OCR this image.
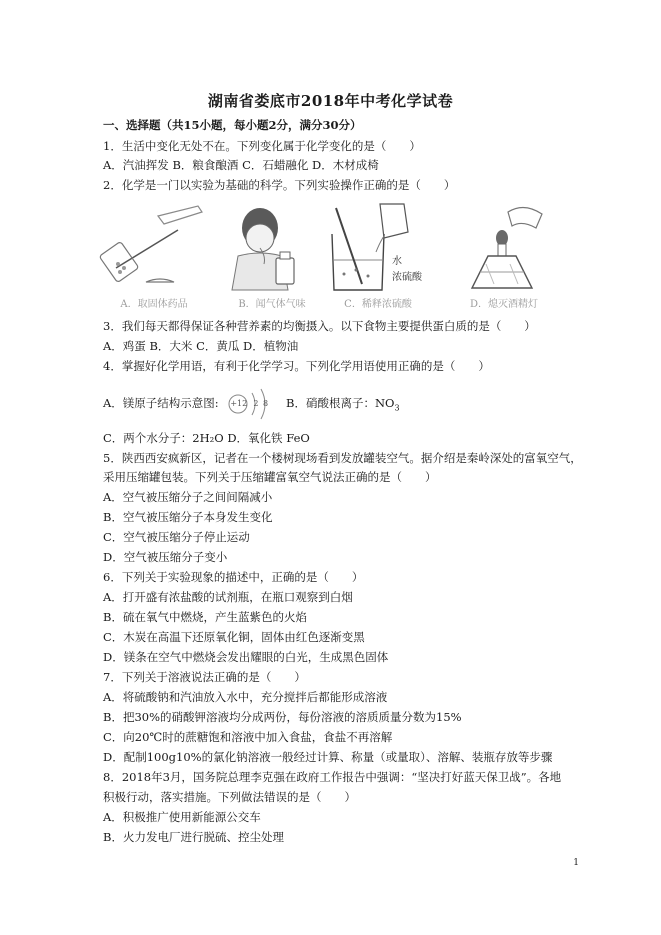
湖南省娄底市2018年中考化学试卷
一、选择题（共15小题，每小题2分，满分30分）
1．生活中变化无处不在。下列变化属于化学变化的是（　　）
A．汽油挥发 B．粮食酿酒 C．石蜡融化 D．木材成椅
2．化学是一门以实验为基础的科学。下列实验操作正确的是（　　）
A．取固体药品	B．闻气体气味
水
浓硫酸
C．稀释浓硫酸	D．熄灭酒精灯
3．我们每天都得保证各种营养素的均衡摄入。以下食物主要提供蛋白质的是（　　）
A．鸡蛋 B．大米 C．黄瓜 D．植物油
4．掌握好化学用语，有利于化学学习。下列化学用语使用正确的是（　　）
A．镁原子结构示意图: +12 2 8 B．硝酸根离子：$NO_3$
C．两个水分子：2H₂O D．氧化铁 FeO
5．陕西西安疯新区，记者在一个楼树现场看到发放罐装空气。据介绍是秦岭深处的富氧空气，
采用压缩罐包装。下列关于压缩罐富氧空气说法正确的是（　　）
A．空气被压缩分子之间间隔减小
B．空气被压缩分子本身发生变化
C．空气被压缩分子停止运动
D．空气被压缩分子变小
6．下列关于实验现象的描述中，正确的是（　　）
A．打开盛有浓盐酸的试剂瓶，在瓶口观察到白烟
B．硫在氧气中燃烧，产生蓝紫色的火焰
C．木炭在高温下还原氧化铜，固体由红色逐渐变黑
D．镁条在空气中燃烧会发出耀眼的白光，生成黑色固体
7．下列关于溶液说法正确的是（　　）
A．将硫酸钠和汽油放入水中，充分搅拌后都能形成溶液
B．把30%的硝酸钾溶液均分成两份，每份溶液的溶质质量分数为15%
C．向20℃时的蔗糖饱和溶液中加入食盐，食盐不再溶解
D．配制100g10%的氯化钠溶液一般经过计算、称量（或量取）、溶解、装瓶存放等步骤
8．2018年3月，国务院总理李克强在政府工作报告中强调：“坚决打好蓝天保卫战”。各地
积极行动，落实措施。下列做法错误的是（　　）
A．积极推广使用新能源公交车
B．火力发电厂进行脱硫、控尘处理
1
